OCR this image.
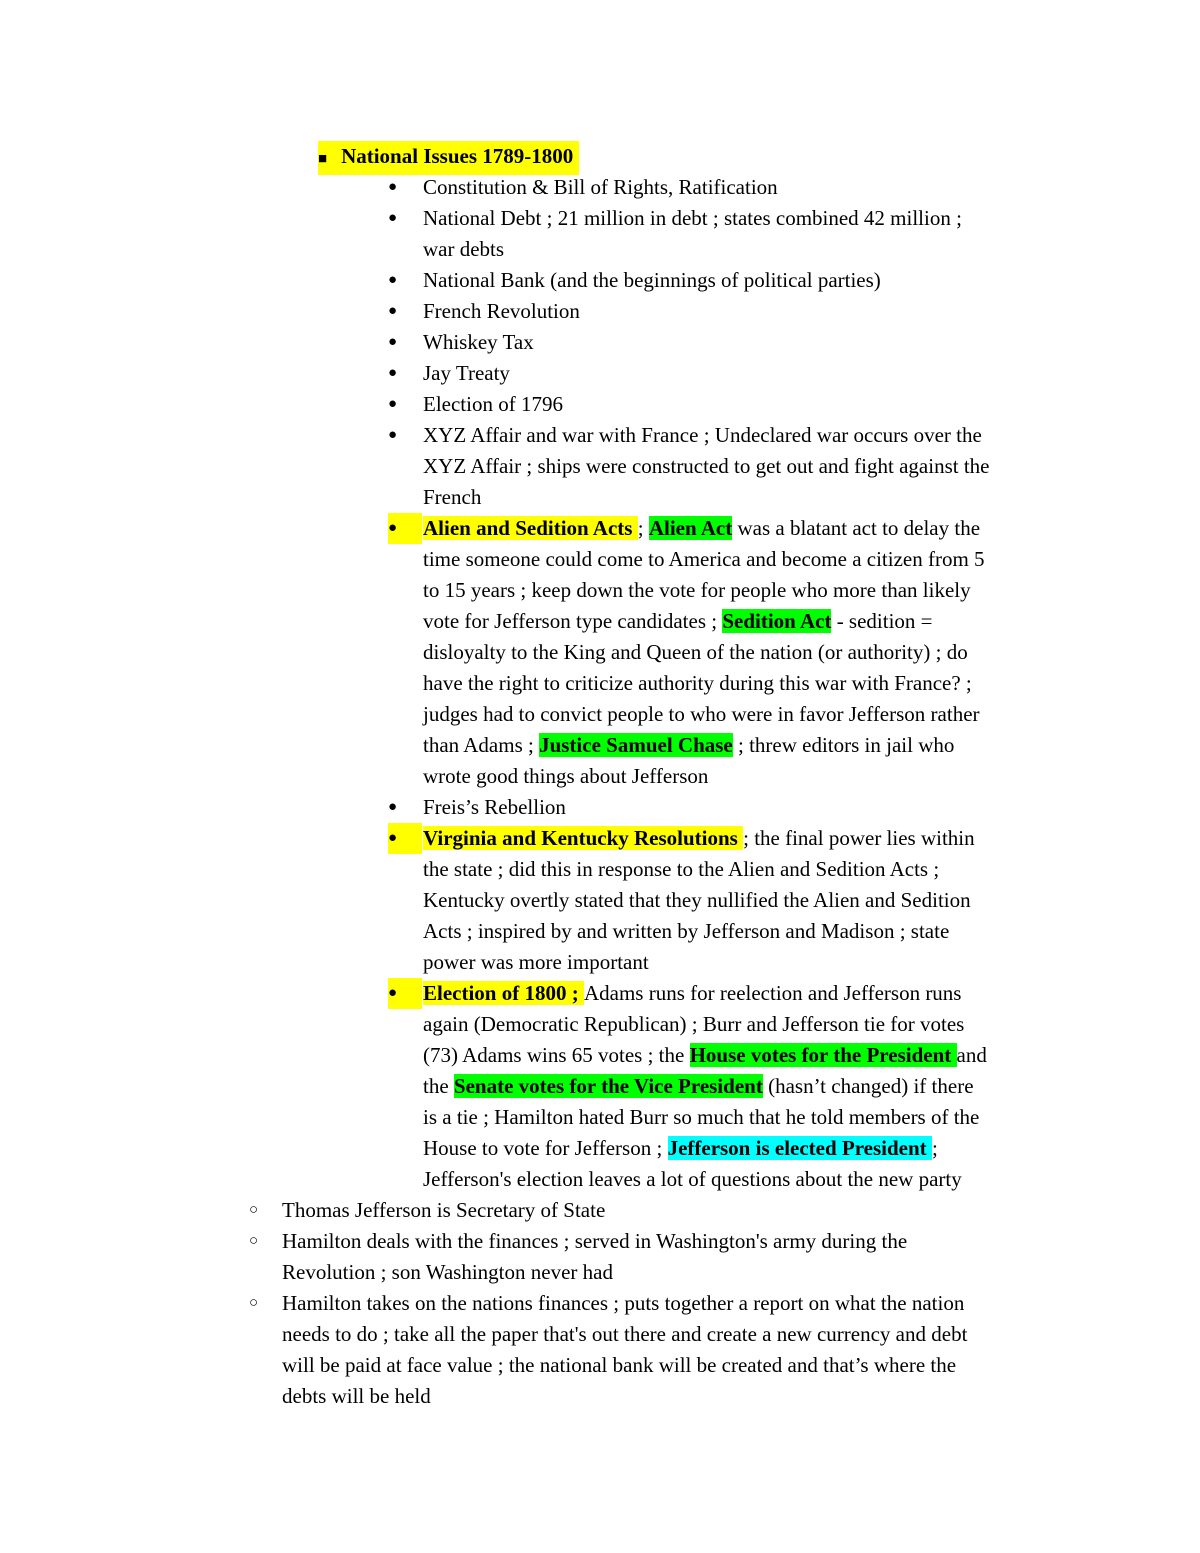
■ National Issues 1789-1800
● Constitution & Bill of Rights, Ratification
● National Debt ; 21 million in debt ; states combined 42 million ;
war debts
● National Bank (and the beginnings of political parties)
● French Revolution
● Whiskey Tax
● Jay Treaty
● Election of 1796
● XYZ Affair and war with France ; Undeclared war occurs over the
XYZ Affair ; ships were constructed to get out and fight against the
French
●	Alien and Sedition Acts ; Alien Act was a blatant act to delay the
time someone could come to America and become a citizen from 5
to 15 years ; keep down the vote for people who more than likely
vote for Jefferson type candidates ; Sedition Act - sedition =
disloyalty to the King and Queen of the nation (or authority) ; do
have the right to criticize authority during this war with France? ;
judges had to convict people to who were in favor Jefferson rather
than Adams ; Justice Samuel Chase ; threw editors in jail who
wrote good things about Jefferson
● Freis’s Rebellion
●	Virginia and Kentucky Resolutions ; the final power lies within
the state ; did this in response to the Alien and Sedition Acts ;
Kentucky overtly stated that they nullified the Alien and Sedition
Acts ; inspired by and written by Jefferson and Madison ; state
power was more important
●	Election of 1800 ; Adams runs for reelection and Jefferson runs
again (Democratic Republican) ; Burr and Jefferson tie for votes
(73) Adams wins 65 votes ; the House votes for the President and
the Senate votes for the Vice President (hasn’t changed) if there
is a tie ; Hamilton hated Burr so much that he told members of the
House to vote for Jefferson ; Jefferson is elected President ;
Jefferson's election leaves a lot of questions about the new party
○ Thomas Jefferson is Secretary of State
○ Hamilton deals with the finances ; served in Washington's army during the
Revolution ; son Washington never had
○ Hamilton takes on the nations finances ; puts together a report on what the nation
needs to do ; take all the paper that's out there and create a new currency and debt
will be paid at face value ; the national bank will be created and that’s where the
debts will be held
